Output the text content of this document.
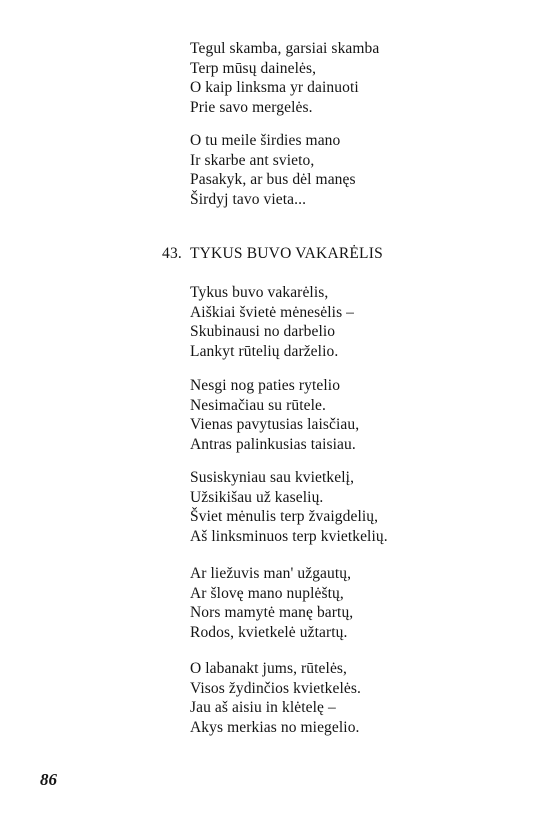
Tegul skamba, garsiai skamba
Terp mūsų dainelės,
O kaip linksma yr dainuoti
Prie savo mergelės.
O tu meile širdies mano
Ir skarbe ant svieto,
Pasakyk, ar bus dėl manęs
Širdyj tavo vieta...
43. TYKUS BUVO VAKARĖLIS
Tykus buvo vakarėlis,
Aiškiai švietė mėnesėlis –
Skubinausi no darbelio
Lankyt rūtelių darželio.
Nesgi nog paties rytelio
Nesimačiau su rūtele.
Vienas pavytusias laisčiau,
Antras palinkusias taisiau.
Susiskyniau sau kvietkelį,
Užsikišau už kaselių.
Šviet mėnulis terp žvaigdelių,
Aš linksminuos terp kvietkelių.
Ar liežuvis man' užgautų,
Ar šlovę mano nuplėštų,
Nors mamytė manę bartų,
Rodos, kvietkelė užtartų.
O labanakt jums, rūtelės,
Visos žydinčios kvietkelės.
Jau aš aisiu in klėtelę –
Akys merkias no miegelio.
86
